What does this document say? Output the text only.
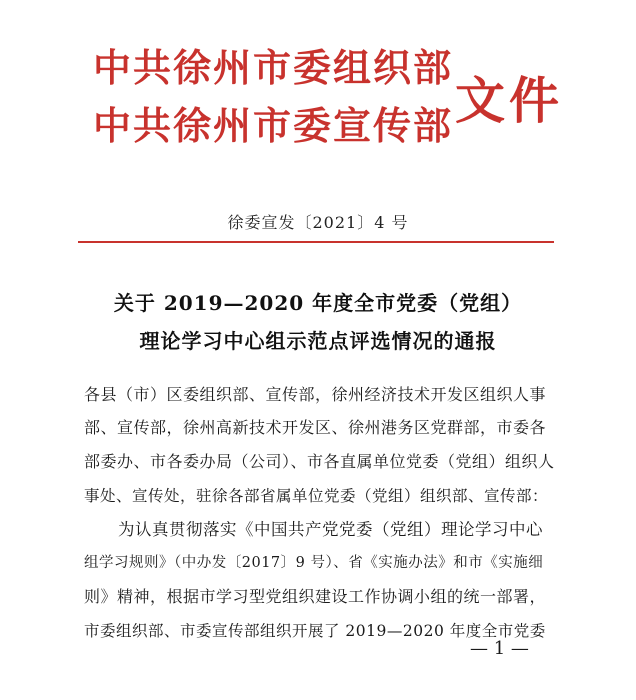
中共徐州市委组织部
中共徐州市委宣传部 文件
徐委宣发〔2021〕4 号
关于 2019—2020 年度全市党委（党组）
理论学习中心组示范点评选情况的通报
各县（市）区委组织部、宣传部，徐州经济技术开发区组织人事
部、宣传部，徐州高新技术开发区、徐州港务区党群部，市委各
部委办、市各委办局（公司）、市各直属单位党委（党组）组织人
事处、宣传处，驻徐各部省属单位党委（党组）组织部、宣传部：
为认真贯彻落实《中国共产党党委（党组）理论学习中心
组学习规则》（中办发〔2017〕9 号）、省《实施办法》和市《实施细
则》精神，根据市学习型党组织建设工作协调小组的统一部署，
市委组织部、市委宣传部组织开展了 2019—2020 年度全市党委
— 1 —
